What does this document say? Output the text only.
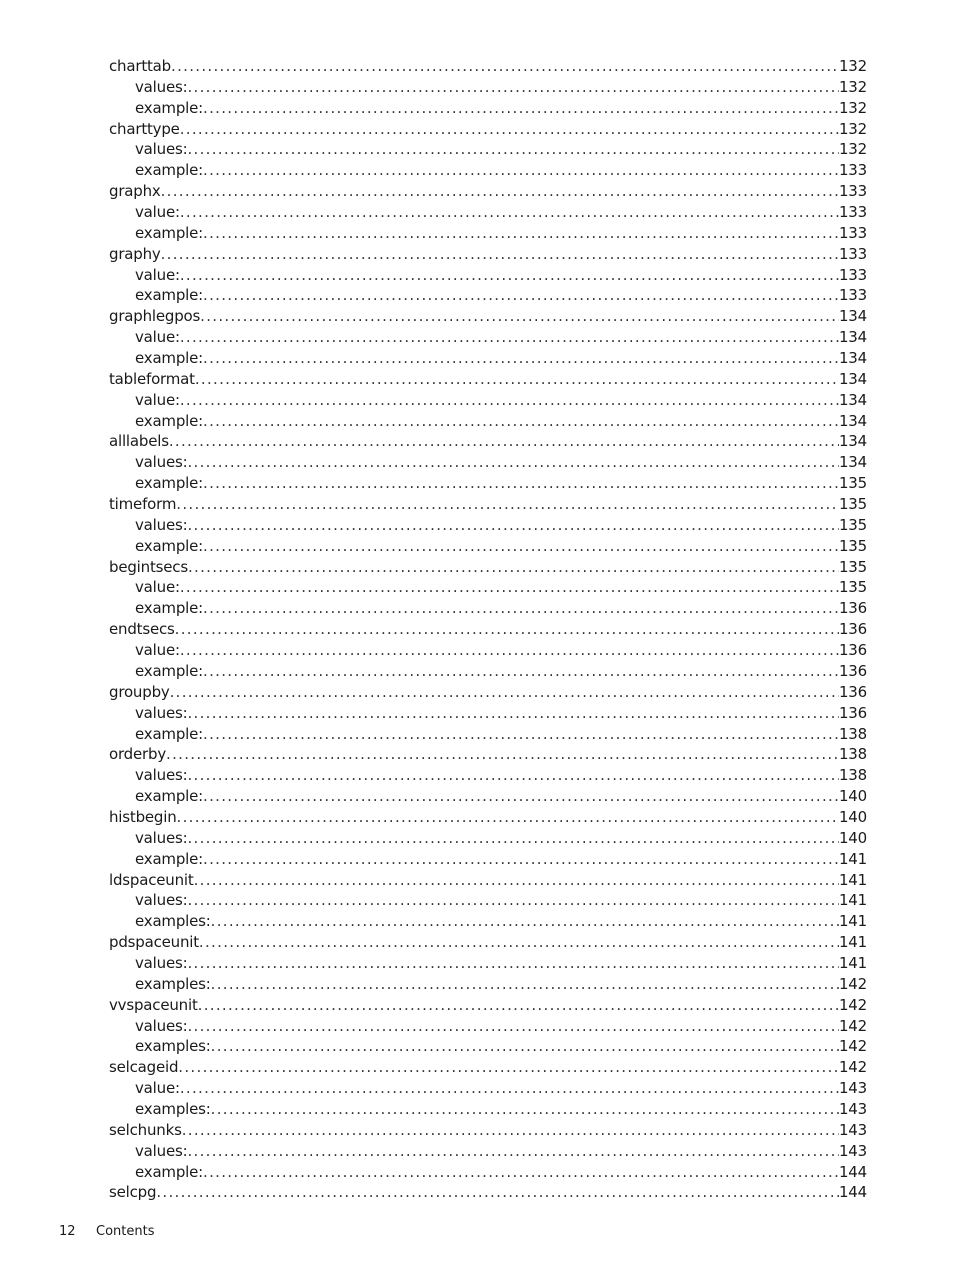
charttab .....	132
values: .....	132
example: .....	132
charttype .....	132
values: .....	132
example: .....	133
graphx .....	133
value: .....	133
example: .....	133
graphy .....	133
value: .....	133
example: .....	133
graphlegpos .....	134
value: .....	134
example: .....	134
tableformat .....	134
value: .....	134
example: .....	134
alllabels .....	134
values: .....	134
example: .....	135
timeform .....	135
values: .....	135
example: .....	135
begintsecs .....	135
value: .....	135
example: .....	136
endtsecs .....	136
value: .....	136
example: .....	136
groupby .....	136
values: .....	136
example: .....	138
orderby .....	138
values: .....	138
example: .....	140
histbegin .....	140
values: .....	140
example: .....	141
ldspaceunit .....	141
values: .....	141
examples: .....	141
pdspaceunit .....	141
values: .....	141
examples: .....	142
vvspaceunit .....	142
values: .....	142
examples: .....	142
selcageid .....	142
value: .....	143
examples: .....	143
selchunks .....	143
values: .....	143
example: .....	144
selcpg .....	144
12 Contents
